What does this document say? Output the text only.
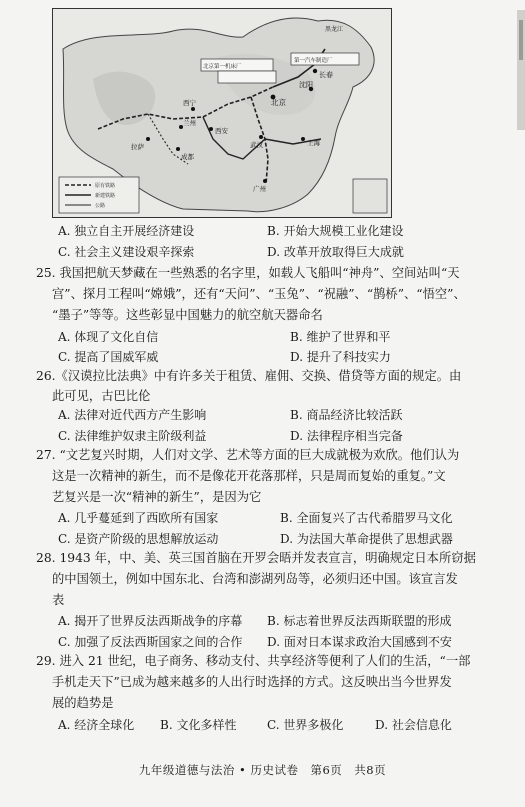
黑龙江
第一汽车制造厂
长春
沈阳
北京第一机床厂
北京
西宁
兰州
西安
拉萨
成都
武汉	上海
广州
原有铁路
新建铁路
公路
A. 独立自主开展经济建设	B. 开始大规模工业化建设
C. 社会主义建设艰辛探索	D. 改革开放取得巨大成就
25. 我国把航天梦藏在一些熟悉的名字里，如载人飞船叫“神舟”、空间站叫“天
宫”、探月工程叫“嫦娥”，还有“天问”、“玉兔”、“祝融”、“鹊桥”、“悟空”、
“墨子”等等。这些彰显中国魅力的航空航天器命名
A. 体现了文化自信	B. 维护了世界和平
C. 提高了国威军威	D. 提升了科技实力
26.《汉谟拉比法典》中有许多关于租赁、雇佣、交换、借贷等方面的规定。由
此可见，古巴比伦
A. 法律对近代西方产生影响	B. 商品经济比较活跃
C. 法律维护奴隶主阶级利益	D. 法律程序相当完备
27. “文艺复兴时期，人们对文学、艺术等方面的巨大成就极为欢欣。他们认为
这是一次精神的新生，而不是像花开花落那样，只是周而复始的重复。”文
艺复兴是一次“精神的新生”，是因为它
A. 几乎蔓延到了西欧所有国家	B. 全面复兴了古代希腊罗马文化
C. 是资产阶级的思想解放运动	D. 为法国大革命提供了思想武器
28. 1943 年，中、美、英三国首脑在开罗会晤并发表宣言，明确规定日本所窃据
的中国领土，例如中国东北、台湾和澎湖列岛等，必须归还中国。该宣言发
表
A. 揭开了世界反法西斯战争的序幕 B. 标志着世界反法西斯联盟的形成
C. 加强了反法西斯国家之间的合作 D. 面对日本谋求政治大国感到不安
29. 进入 21 世纪，电子商务、移动支付、共享经济等便利了人们的生活，“一部
手机走天下”已成为越来越多的人出行时选择的方式。这反映出当今世界发
展的趋势是
A. 经济全球化 B. 文化多样性	C. 世界多极化	D. 社会信息化
九年级道德与法治 • 历史试卷　第6页　共8页
